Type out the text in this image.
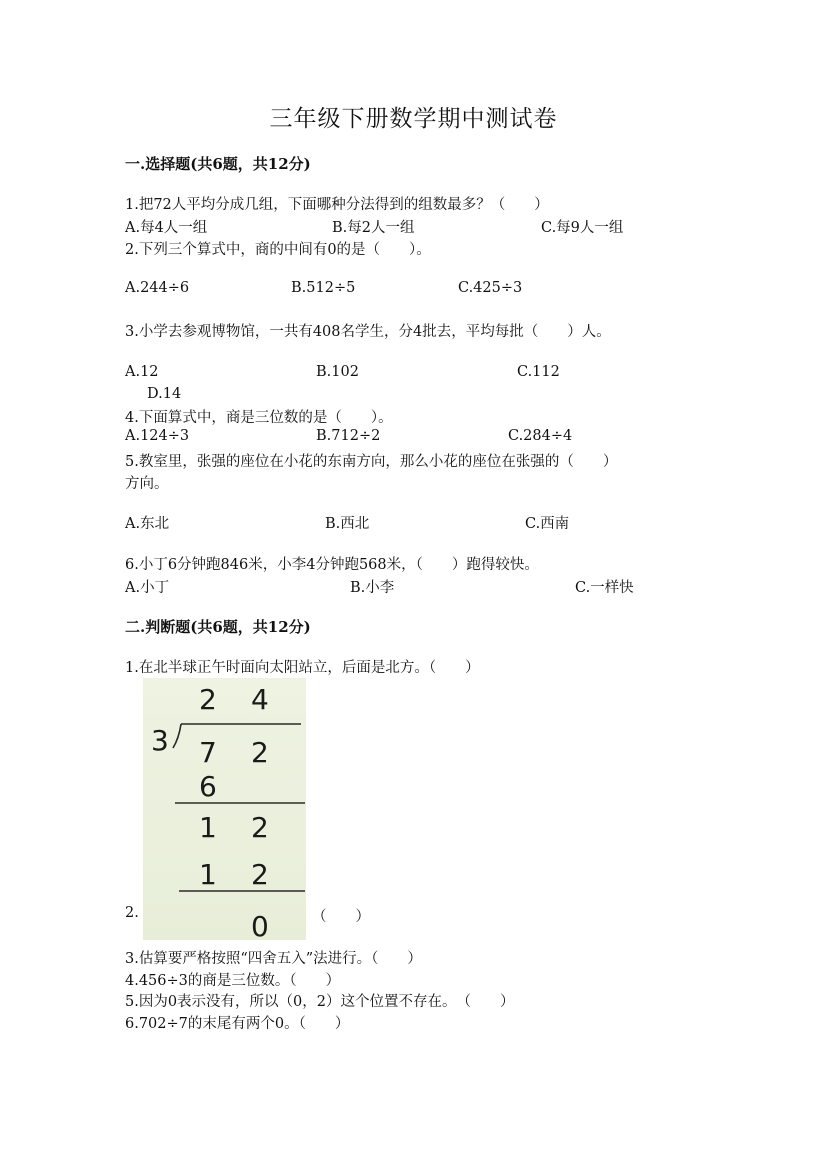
三年级下册数学期中测试卷
一.选择题(共6题，共12分)
1.把72人平均分成几组，下面哪种分法得到的组数最多？（　　）
A.每4人一组	B.每2人一组	C.每9人一组
2.下列三个算式中，商的中间有0的是（　　）。
A.244÷6	B.512÷5	C.425÷3
3.小学去参观博物馆，一共有408名学生，分4批去，平均每批（　　）人。
A.12	B.102	C.112
D.14
4.下面算式中，商是三位数的是（　　）。
A.124÷3	B.712÷2	C.284÷4
5.教室里，张强的座位在小花的东南方向，那么小花的座位在张强的（　　）
方向。
A.东北	B.西北	C.西南
6.小丁6分钟跑846米，小李4分钟跑568米，（　　）跑得较快。
A.小丁	B.小李	C.一样快
二.判断题(共6题，共12分)
1.在北半球正午时面向太阳站立，后面是北方。（　　）
2.
2 4
3 7 2
6
1 2
1 2
0	（　　）
3.估算要严格按照“四舍五入”法进行。（　　）
4.456÷3的商是三位数。（　　）
5.因为0表示没有，所以（0，2）这个位置不存在。　（　　）
6.702÷7的末尾有两个0。（　　）
